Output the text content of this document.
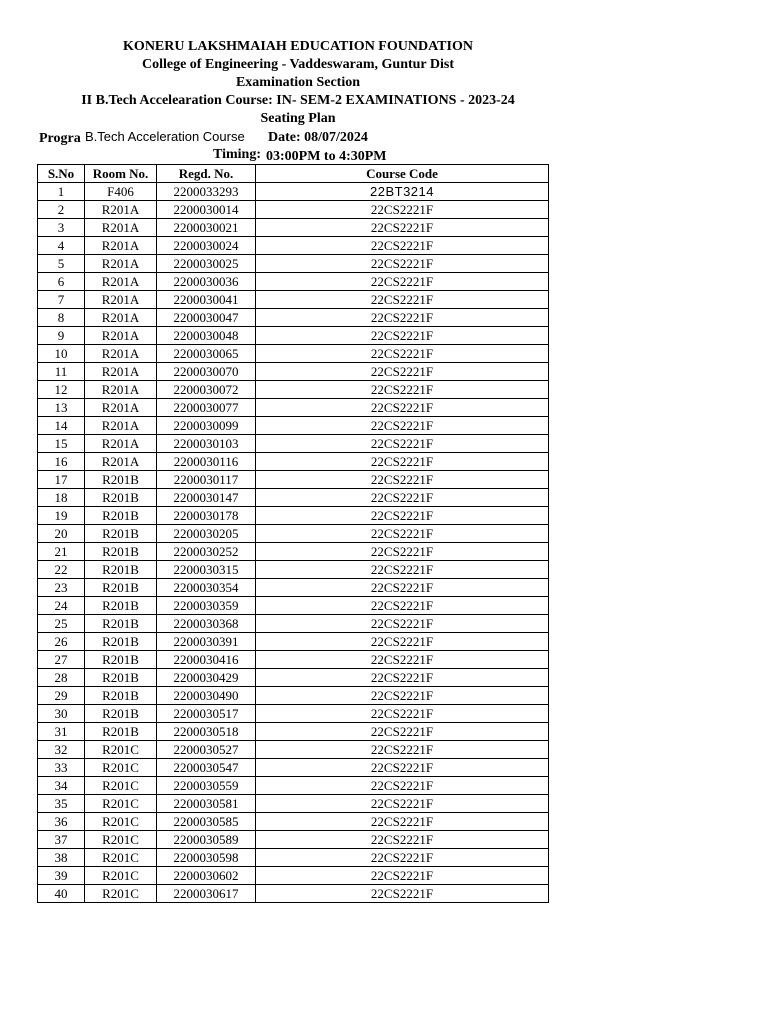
KONERU LAKSHMAIAH EDUCATION FOUNDATION
College of Engineering - Vaddeswaram, Guntur Dist
Examination Section
II B.Tech Accelearation Course: IN- SEM-2 EXAMINATIONS - 2023-24
Seating Plan
Progra B.Tech Acceleration Course Date: 08/07/2024
Timing: 03:00PM to 4:30PM
S.No	Room No.	Regd. No.	Course Code
1	F406	2200033293	22BT3214
2	R201A	2200030014	22CS2221F
3	R201A	2200030021	22CS2221F
4	R201A	2200030024	22CS2221F
5	R201A	2200030025	22CS2221F
6	R201A	2200030036	22CS2221F
7	R201A	2200030041	22CS2221F
8	R201A	2200030047	22CS2221F
9	R201A	2200030048	22CS2221F
10	R201A	2200030065	22CS2221F
11	R201A	2200030070	22CS2221F
12	R201A	2200030072	22CS2221F
13	R201A	2200030077	22CS2221F
14	R201A	2200030099	22CS2221F
15	R201A	2200030103	22CS2221F
16	R201A	2200030116	22CS2221F
17	R201B	2200030117	22CS2221F
18	R201B	2200030147	22CS2221F
19	R201B	2200030178	22CS2221F
20	R201B	2200030205	22CS2221F
21	R201B	2200030252	22CS2221F
22	R201B	2200030315	22CS2221F
23	R201B	2200030354	22CS2221F
24	R201B	2200030359	22CS2221F
25	R201B	2200030368	22CS2221F
26	R201B	2200030391	22CS2221F
27	R201B	2200030416	22CS2221F
28	R201B	2200030429	22CS2221F
29	R201B	2200030490	22CS2221F
30	R201B	2200030517	22CS2221F
31	R201B	2200030518	22CS2221F
32	R201C	2200030527	22CS2221F
33	R201C	2200030547	22CS2221F
34	R201C	2200030559	22CS2221F
35	R201C	2200030581	22CS2221F
36	R201C	2200030585	22CS2221F
37	R201C	2200030589	22CS2221F
38	R201C	2200030598	22CS2221F
39	R201C	2200030602	22CS2221F
40	R201C	2200030617	22CS2221F
